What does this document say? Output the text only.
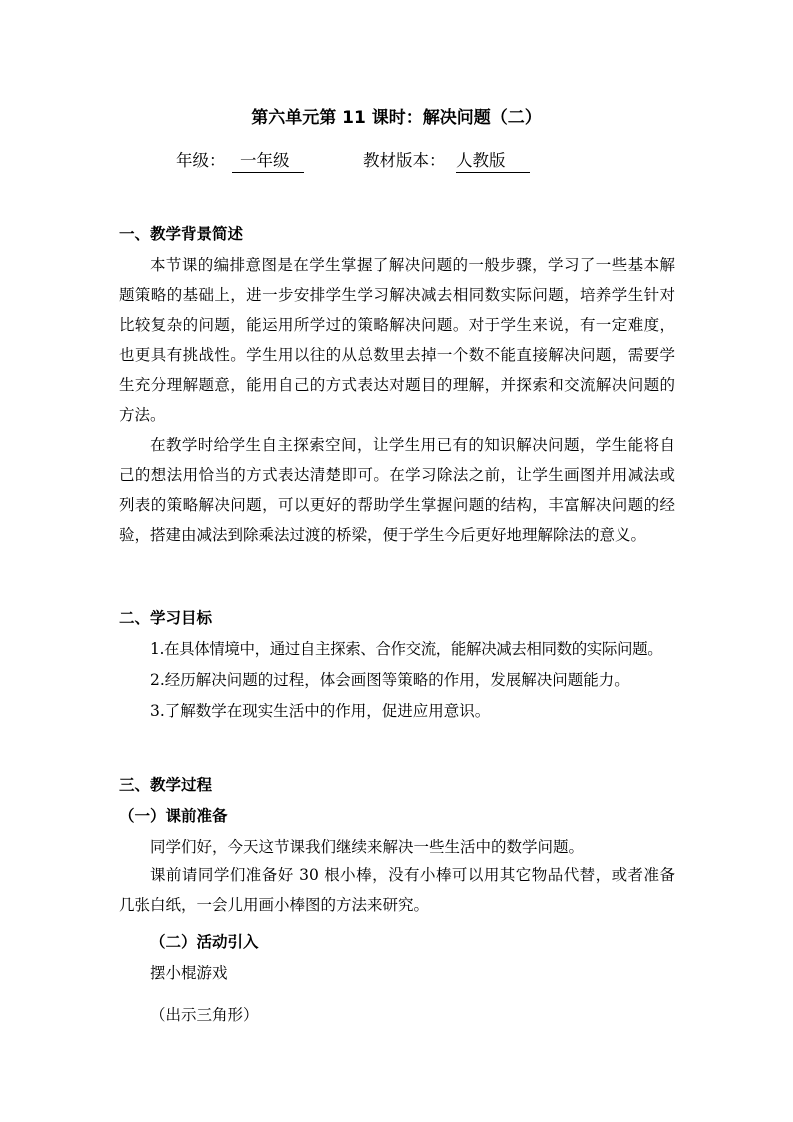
第六单元第 11 课时：解决问题（二）
年级： 一年级	教材版本： 人教版
一、教学背景简述
本节课的编排意图是在学生掌握了解决问题的一般步骤，学习了一些基本解题策略的基础上，进一步安排学生学习解决减去相同数实际问题，培养学生针对比较复杂的问题，能运用所学过的策略解决问题。对于学生来说，有一定难度，也更具有挑战性。学生用以往的从总数里去掉一个数不能直接解决问题，需要学生充分理解题意，能用自己的方式表达对题目的理解，并探索和交流解决问题的方法。
在教学时给学生自主探索空间，让学生用已有的知识解决问题，学生能将自己的想法用恰当的方式表达清楚即可。在学习除法之前，让学生画图并用减法或列表的策略解决问题，可以更好的帮助学生掌握问题的结构，丰富解决问题的经验，搭建由减法到除乘法过渡的桥梁，便于学生今后更好地理解除法的意义。
二、学习目标
1.在具体情境中，通过自主探索、合作交流，能解决减去相同数的实际问题。
2.经历解决问题的过程，体会画图等策略的作用，发展解决问题能力。
3.了解数学在现实生活中的作用，促进应用意识。
三、教学过程
（一）课前准备
同学们好，今天这节课我们继续来解决一些生活中的数学问题。
课前请同学们准备好 30 根小棒，没有小棒可以用其它物品代替，或者准备几张白纸，一会儿用画小棒图的方法来研究。
（二）活动引入
摆小棍游戏
（出示三角形）
